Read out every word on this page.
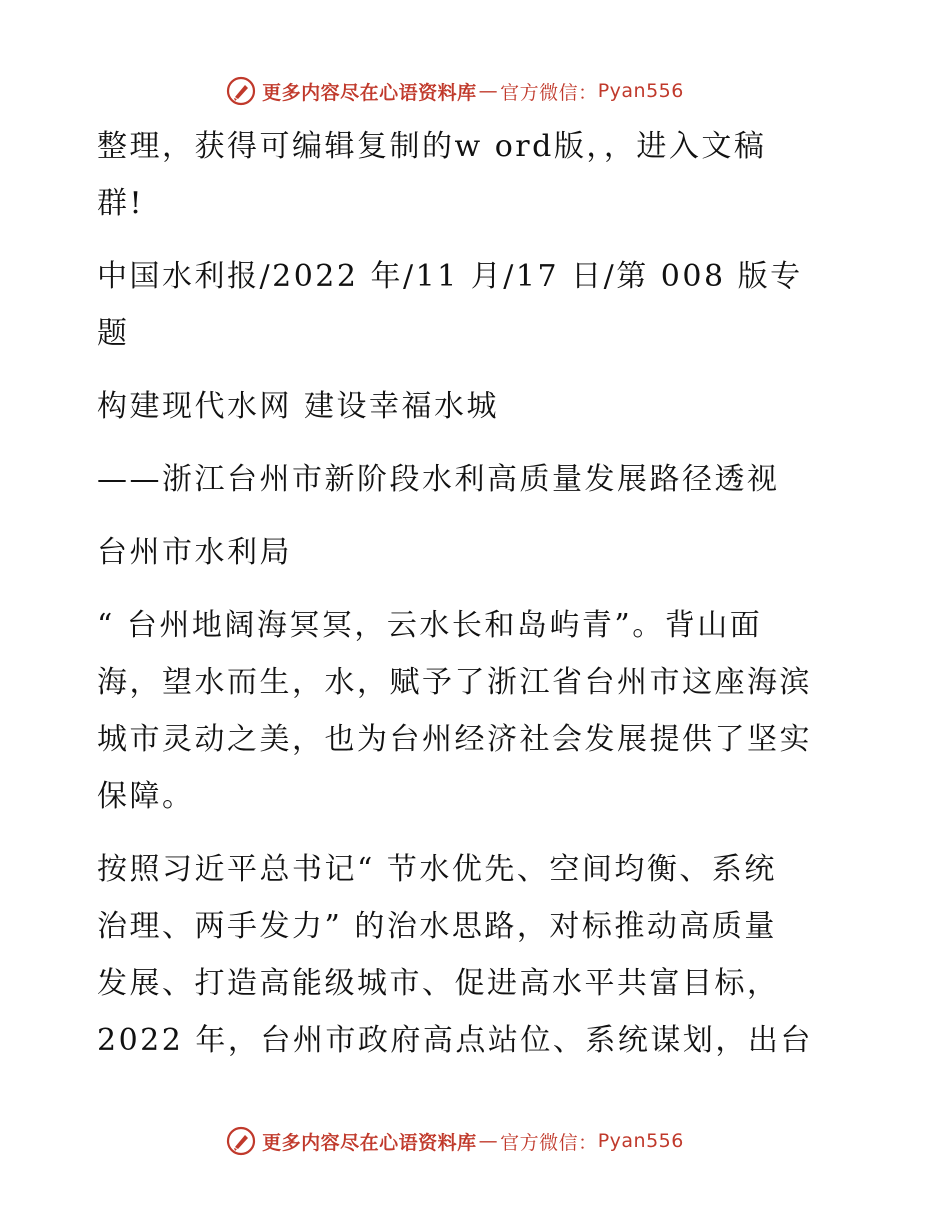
更多内容尽在心语资料库 — 官方微信： Pyan556
整理，获得可编辑复制的w ord版，，进入文稿
群!
中国水利报/2022 年/11 月/17 日/第 008 版专
题
构建现代水网 建设幸福水城
——浙江台州市新阶段水利高质量发展路径透视
台州市水利局
“ 台州地阔海冥冥，云水长和岛屿青”。背山面
海，望水而生，水，赋予了浙江省台州市这座海滨
城市灵动之美，也为台州经济社会发展提供了坚实
保障。
按照习近平总书记“ 节水优先、空间均衡、系统
治理、两手发力” 的治水思路，对标推动高质量
发展、打造高能级城市、促进高水平共富目标，
2022 年，台州市政府高点站位、系统谋划，出台
更多内容尽在心语资料库 — 官方微信： Pyan556
